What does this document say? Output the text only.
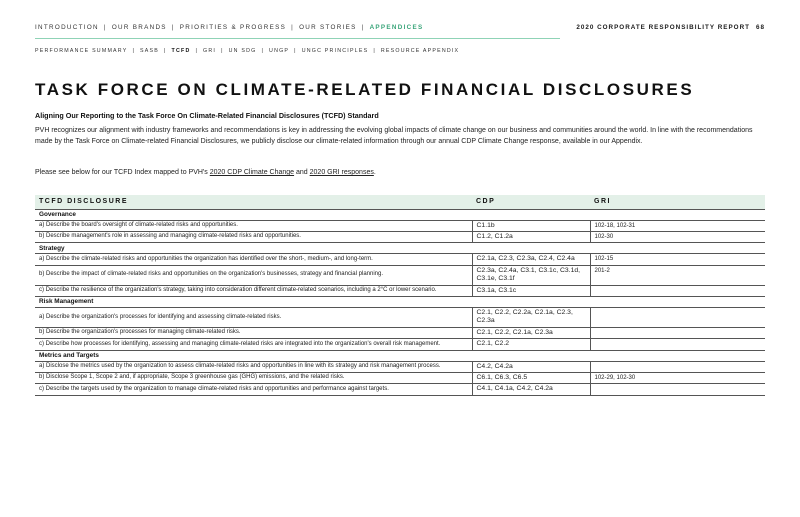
INTRODUCTION | OUR BRANDS | PRIORITIES & PROGRESS | OUR STORIES | APPENDICES	2020 CORPORATE RESPONSIBILITY REPORT 68
PERFORMANCE SUMMARY | SASB | TCFD | GRI | UN SDG | UNGP | UNGC PRINCIPLES | RESOURCE APPENDIX
TASK FORCE ON CLIMATE-RELATED FINANCIAL DISCLOSURES
Aligning Our Reporting to the Task Force On Climate-Related Financial Disclosures (TCFD) Standard
PVH recognizes our alignment with industry frameworks and recommendations is key in addressing the evolving global impacts of climate change on our business and communities around the world. In line with the recommendations made by the Task Force on Climate-related Financial Disclosures, we publicly disclose our climate-related information through our annual CDP Climate Change response, available in our Appendix.
Please see below for our TCFD Index mapped to PVH's 2020 CDP Climate Change and 2020 GRI responses.
TCFD DISCLOSURE	CDP	GRI
Governance		
a) Describe the board's oversight of climate-related risks and opportunities.	C1.1b	102-18, 102-31
b) Describe management's role in assessing and managing climate-related risks and opportunities.	C1.2, C1.2a	102-30
Strategy		
a) Describe the climate-related risks and opportunities the organization has identified over the short-, medium-, and long-term.	C2.1a, C2.3, C2.3a, C2.4, C2.4a	102-15
b) Describe the impact of climate-related risks and opportunities on the organization's businesses, strategy and financial planning.	C2.3a, C2.4a, C3.1, C3.1c, C3.1d, C3.1e, C3.1f	201-2
c) Describe the resilience of the organization's strategy, taking into consideration different climate-related scenarios, including a 2°C or lower scenario.	C3.1a, C3.1c	
Risk Management		
a) Describe the organization's processes for identifying and assessing climate-related risks.	C2.1, C2.2, C2.2a, C2.1a, C2.3, C2.3a	
b) Describe the organization's processes for managing climate-related risks.	C2.1, C2.2, C2.1a, C2.3a	
c) Describe how processes for identifying, assessing and managing climate-related risks are integrated into the organization's overall risk management.	C2.1, C2.2	
Metrics and Targets		
a) Disclose the metrics used by the organization to assess climate-related risks and opportunities in line with its strategy and risk management process.	C4.2, C4.2a	
b) Disclose Scope 1, Scope 2 and, if appropriate, Scope 3 greenhouse gas (GHG) emissions, and the related risks.	C6.1, C6.3, C6.5	102-29, 102-30
c) Describe the targets used by the organization to manage climate-related risks and opportunities and performance against targets.	C4.1, C4.1a, C4.2, C4.2a	
